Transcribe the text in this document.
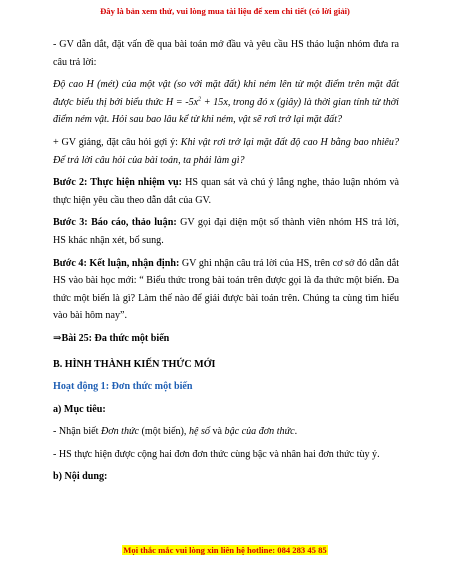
Đây là bản xem thử, vui lòng mua tài liệu để xem chi tiết (có lời giải)

- GV dẫn dắt, đặt vấn đề qua bài toán mở đầu và yêu cầu HS thảo luận nhóm đưa ra câu trả lời:

Độ cao H (mét) của một vật (so với mặt đất) khi ném lên từ một điểm trên mặt đất được biểu thị bởi biểu thức $H = -5x^2 + 15x$, trong đó x (giây) là thời gian tính từ thời điểm ném vật. Hỏi sau bao lâu kể từ khi ném, vật sẽ rơi trở lại mặt đất?

+ GV giảng, đặt câu hỏi gợi ý: Khi vật rơi trở lại mặt đất độ cao H bằng bao nhiêu? Để trả lời câu hỏi của bài toán, ta phải làm gì?

Bước 2: Thực hiện nhiệm vụ: HS quan sát và chú ý lắng nghe, thảo luận nhóm và thực hiện yêu cầu theo dẫn dắt của GV.

Bước 3: Báo cáo, thảo luận: GV gọi đại diện một số thành viên nhóm HS trả lời, HS khác nhận xét, bổ sung.

Bước 4: Kết luận, nhận định: GV ghi nhận câu trả lời của HS, trên cơ sở đó dẫn dắt HS vào bài học mới: “ Biểu thức trong bài toán trên được gọi là đa thức một biến. Đa thức một biến là gì? Làm thế nào để giải được bài toán trên. Chúng ta cùng tìm hiểu vào bài hôm nay”.

⇒Bài 25: Đa thức một biến

B. HÌNH THÀNH KIẾN THỨC MỚI

Hoạt động 1: Đơn thức một biến

a) Mục tiêu:

- Nhận biết Đơn thức (một biến), hệ số và bậc của đơn thức.

- HS thực hiện được cộng hai đơn đơn thức cùng bậc và nhân hai đơn thức tùy ý.

b) Nội dung:

Mọi thắc mắc vui lòng xin liên hệ hotline: 084 283 45 85
